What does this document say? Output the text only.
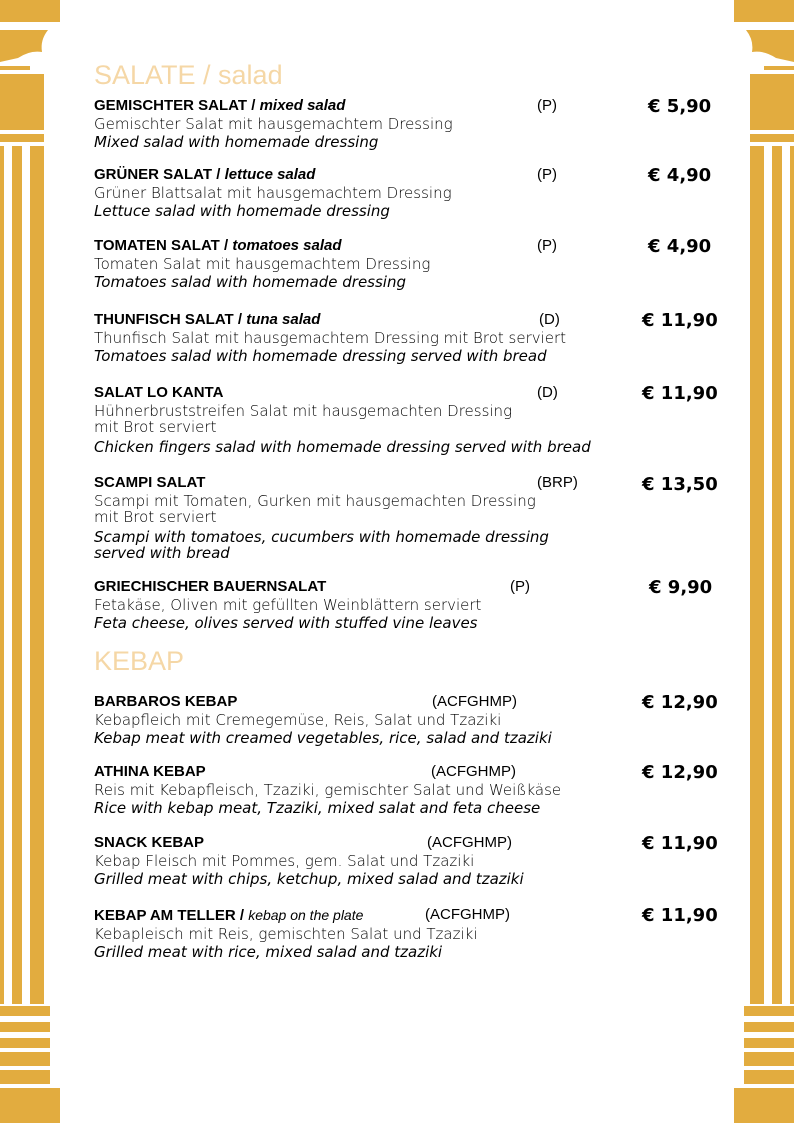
SALATE / salad
GEMISCHTER SALAT / mixed salad
Gemischter Salat mit hausgemachtem Dressing
Mixed salad with homemade dressing
(P)	€ 5,90
GRÜNER SALAT / lettuce salad
Grüner Blattsalat mit hausgemachtem Dressing
Lettuce salad with homemade dressing
(P)	€ 4,90
TOMATEN SALAT / tomatoes salad
Tomaten Salat mit hausgemachtem Dressing
Tomatoes salad with homemade dressing
(P)	€ 4,90
THUNFISCH SALAT / tuna salad
Thunfisch Salat mit hausgemachtem Dressing mit Brot serviert
Tomatoes salad with homemade dressing served with bread
(D)	€ 11,90
SALAT LO KANTA
Hühnerbruststreifen Salat mit hausgemachten Dressing
mit Brot serviert
Chicken fingers salad with homemade dressing served with bread
(D)	€ 11,90
SCAMPI SALAT
Scampi mit Tomaten, Gurken mit hausgemachten Dressing
mit Brot serviert
Scampi with tomatoes, cucumbers with homemade dressing
served with bread
(BRP)	€ 13,50
GRIECHISCHER BAUERNSALAT
Fetakäse, Oliven mit gefüllten Weinblättern serviert
Feta cheese, olives served with stuffed vine leaves
(P)	€ 9,90
KEBAP
BARBAROS KEBAP
Kebapfleich mit Cremegemüse, Reis, Salat und Tzaziki
Kebap meat with creamed vegetables, rice, salad and tzaziki
(ACFGHMP)	€ 12,90
ATHINA KEBAP
Reis mit Kebapfleisch, Tzaziki, gemischter Salat und Weißkäse
Rice with kebap meat, Tzaziki, mixed salat and feta cheese
(ACFGHMP)	€ 12,90
SNACK KEBAP
Kebap Fleisch mit Pommes, gem. Salat und Tzaziki
Grilled meat with chips, ketchup, mixed salad and tzaziki
(ACFGHMP)	€ 11,90
KEBAP AM TELLER / kebap on the plate
Kebapleisch mit Reis, gemischten Salat und Tzaziki
Grilled meat with rice, mixed salad and tzaziki
(ACFGHMP)	€ 11,90
